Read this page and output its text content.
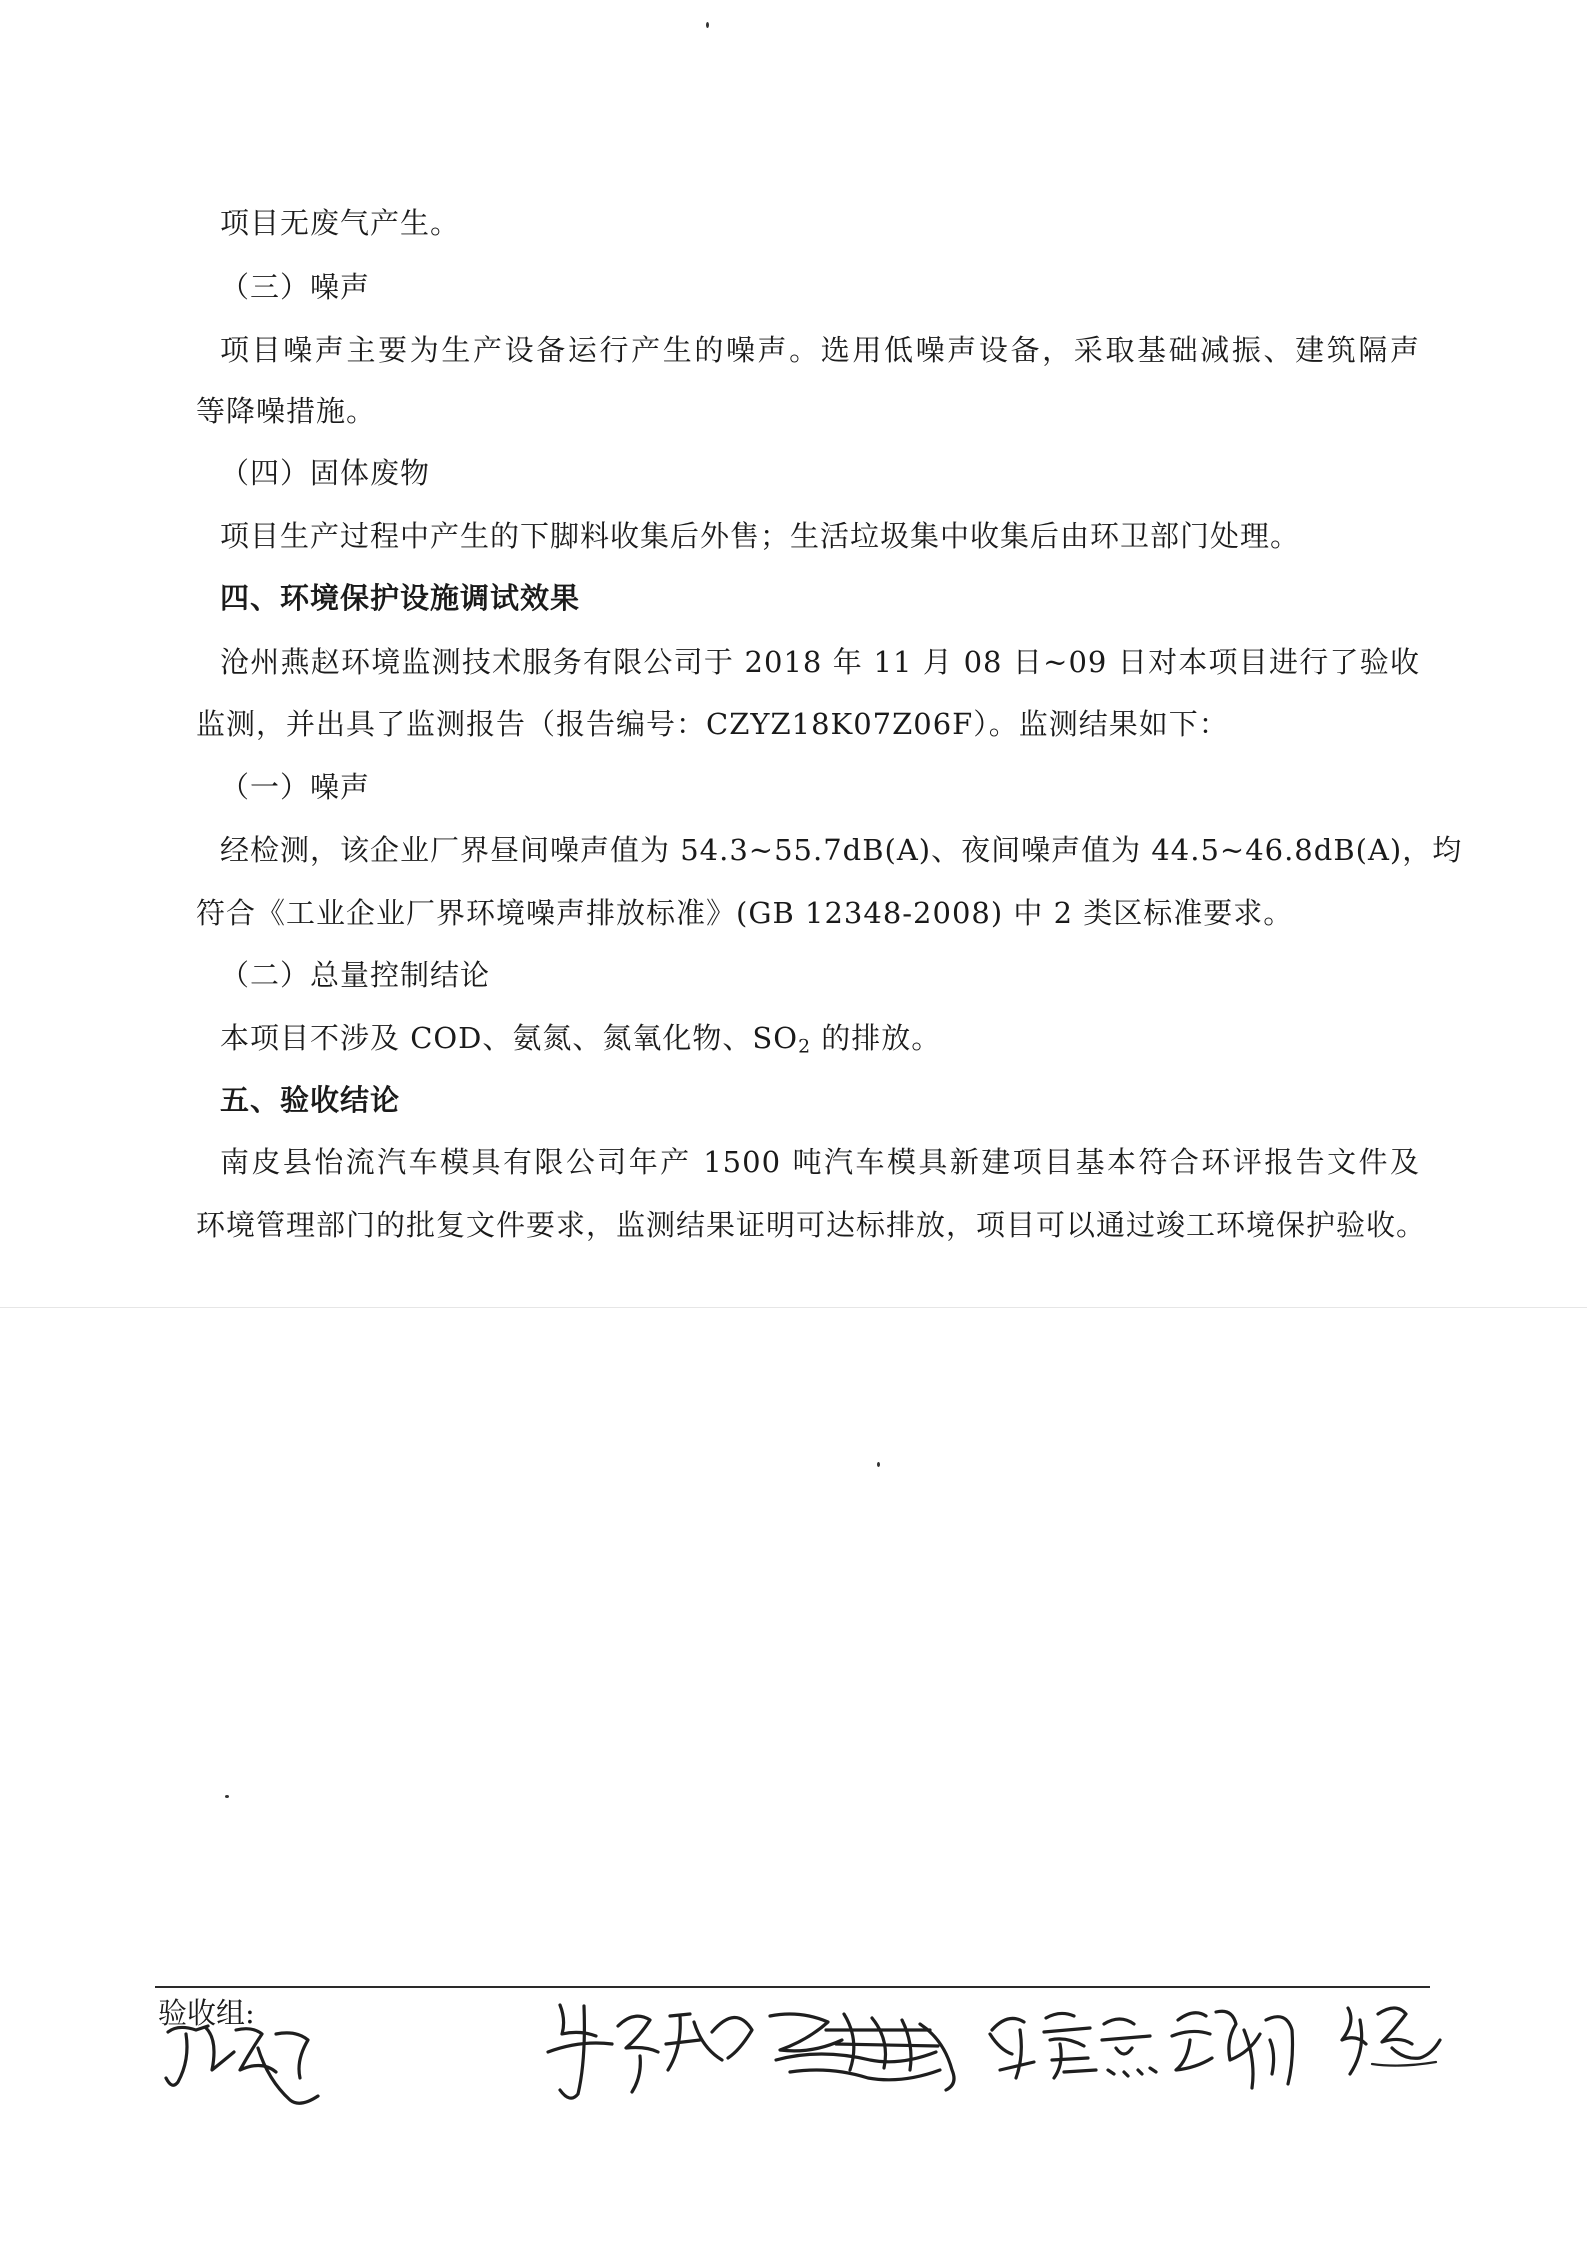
项目无废气产生。
（三）噪声
项目噪声主要为生产设备运行产生的噪声。选用低噪声设备，采取基础减振、建筑隔声
等降噪措施。
（四）固体废物
项目生产过程中产生的下脚料收集后外售；生活垃圾集中收集后由环卫部门处理。
四、环境保护设施调试效果
沧州燕赵环境监测技术服务有限公司于 2018 年 11 月 08 日~09 日对本项目进行了验收
监测，并出具了监测报告（报告编号：CZYZ18K07Z06F）。监测结果如下：
（一）噪声
经检测，该企业厂界昼间噪声值为 54.3~55.7dB(A)、夜间噪声值为 44.5~46.8dB(A)，均
符合《工业企业厂界环境噪声排放标准》(GB 12348-2008) 中 2 类区标准要求。
（二）总量控制结论
本项目不涉及 COD、氨氮、氮氧化物、$SO_2$ 的排放。
五、验收结论
南皮县怡流汽车模具有限公司年产 1500 吨汽车模具新建项目基本符合环评报告文件及
环境管理部门的批复文件要求，监测结果证明可达标排放，项目可以通过竣工环境保护验收。
验收组:
